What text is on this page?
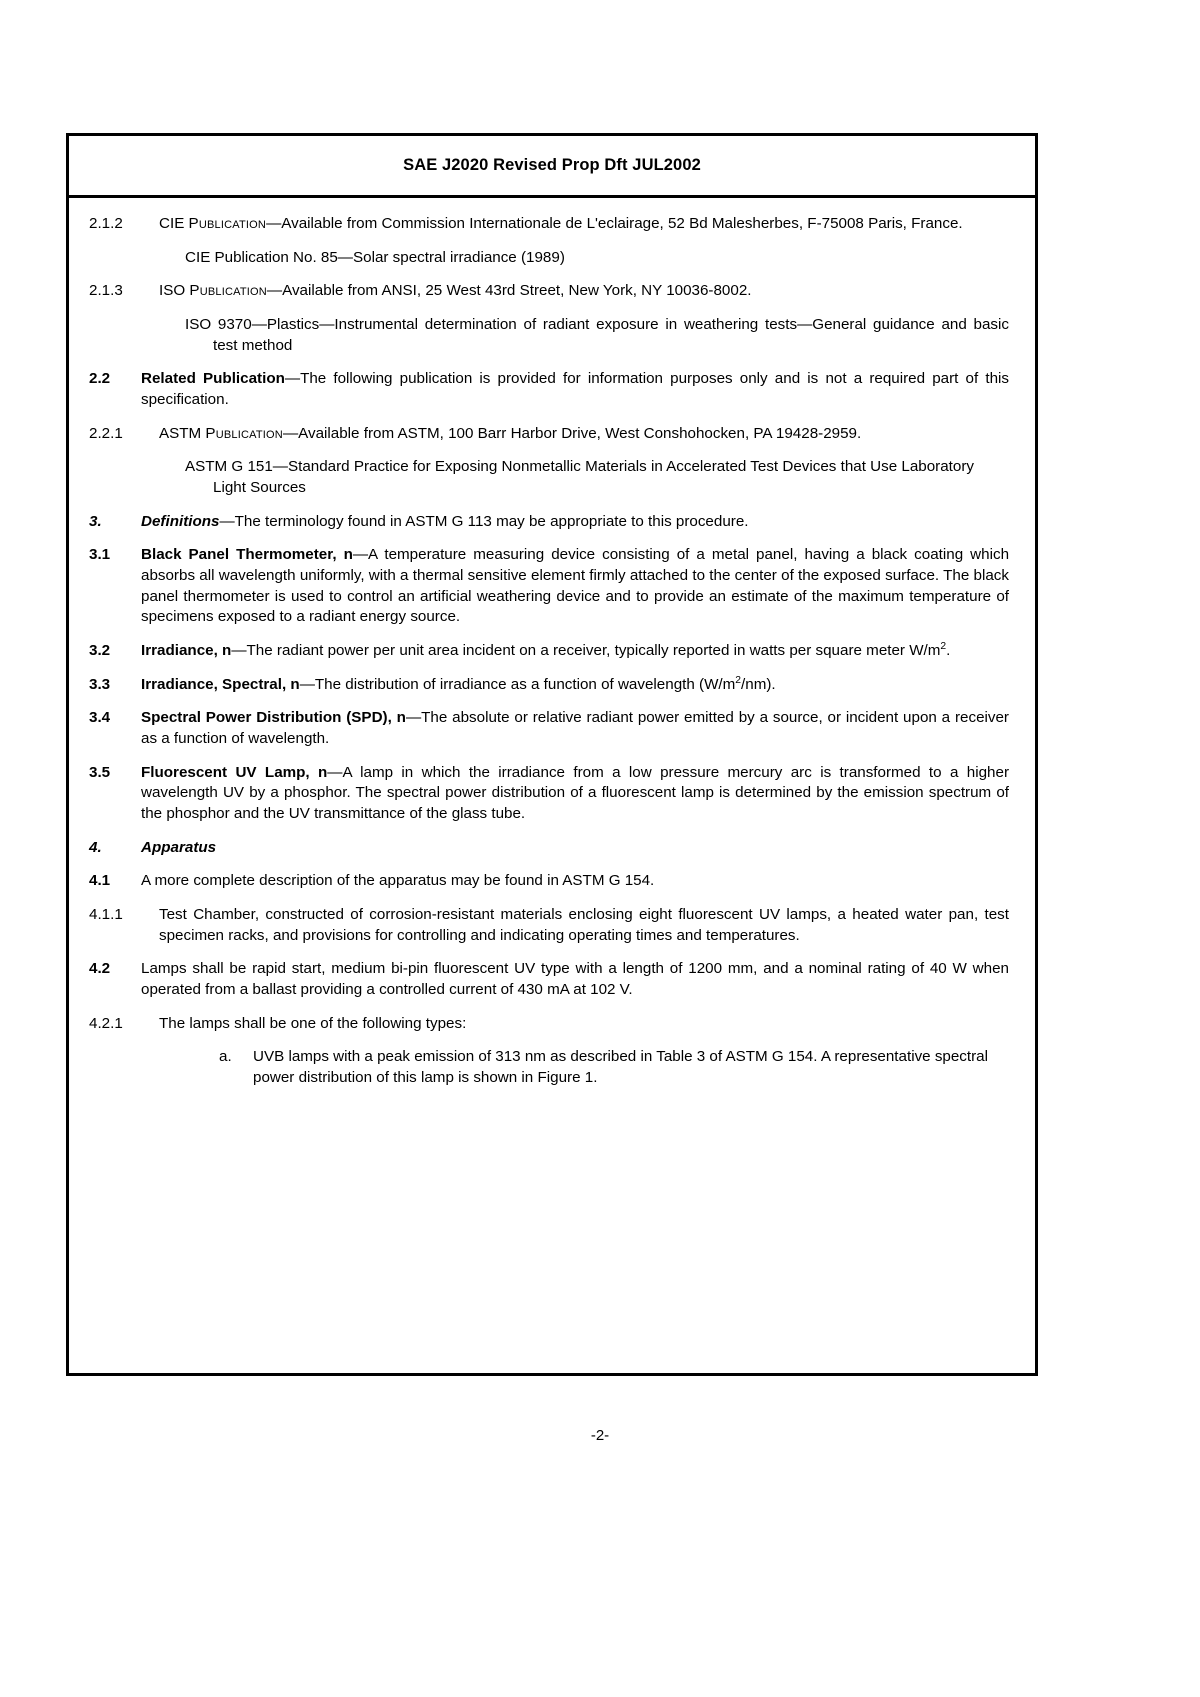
SAE J2020 Revised Prop Dft JUL2002
2.1.2	CIE Publication—Available from Commission Internationale de L'eclairage, 52 Bd Malesherbes, F-75008 Paris, France.
CIE Publication No. 85—Solar spectral irradiance (1989)
2.1.3	ISO Publication—Available from ANSI, 25 West 43rd Street, New York, NY 10036-8002.
ISO 9370—Plastics—Instrumental determination of radiant exposure in weathering tests—General guidance and basic test method
2.2	Related Publication—The following publication is provided for information purposes only and is not a required part of this specification.
2.2.1	ASTM Publication—Available from ASTM, 100 Barr Harbor Drive, West Conshohocken, PA 19428-2959.
ASTM G 151—Standard Practice for Exposing Nonmetallic Materials in Accelerated Test Devices that Use Laboratory Light Sources
3.	Definitions—The terminology found in ASTM G 113 may be appropriate to this procedure.
3.1	Black Panel Thermometer, n—A temperature measuring device consisting of a metal panel, having a black coating which absorbs all wavelength uniformly, with a thermal sensitive element firmly attached to the center of the exposed surface. The black panel thermometer is used to control an artificial weathering device and to provide an estimate of the maximum temperature of specimens exposed to a radiant energy source.
3.2	Irradiance, n—The radiant power per unit area incident on a receiver, typically reported in watts per square meter $W/m^2$.
3.3	Irradiance, Spectral, n—The distribution of irradiance as a function of wavelength $(W/m^2/nm)$.
3.4	Spectral Power Distribution (SPD), n—The absolute or relative radiant power emitted by a source, or incident upon a receiver as a function of wavelength.
3.5	Fluorescent UV Lamp, n—A lamp in which the irradiance from a low pressure mercury arc is transformed to a higher wavelength UV by a phosphor. The spectral power distribution of a fluorescent lamp is determined by the emission spectrum of the phosphor and the UV transmittance of the glass tube.
4.	Apparatus
4.1	A more complete description of the apparatus may be found in ASTM G 154.
4.1.1	Test Chamber, constructed of corrosion-resistant materials enclosing eight fluorescent UV lamps, a heated water pan, test specimen racks, and provisions for controlling and indicating operating times and temperatures.
4.2	Lamps shall be rapid start, medium bi-pin fluorescent UV type with a length of 1200 mm, and a nominal rating of 40 W when operated from a ballast providing a controlled current of 430 mA at 102 V.
4.2.1	The lamps shall be one of the following types:
a.	UVB lamps with a peak emission of 313 nm as described in Table 3 of ASTM G 154. A representative spectral power distribution of this lamp is shown in Figure 1.
-2-
